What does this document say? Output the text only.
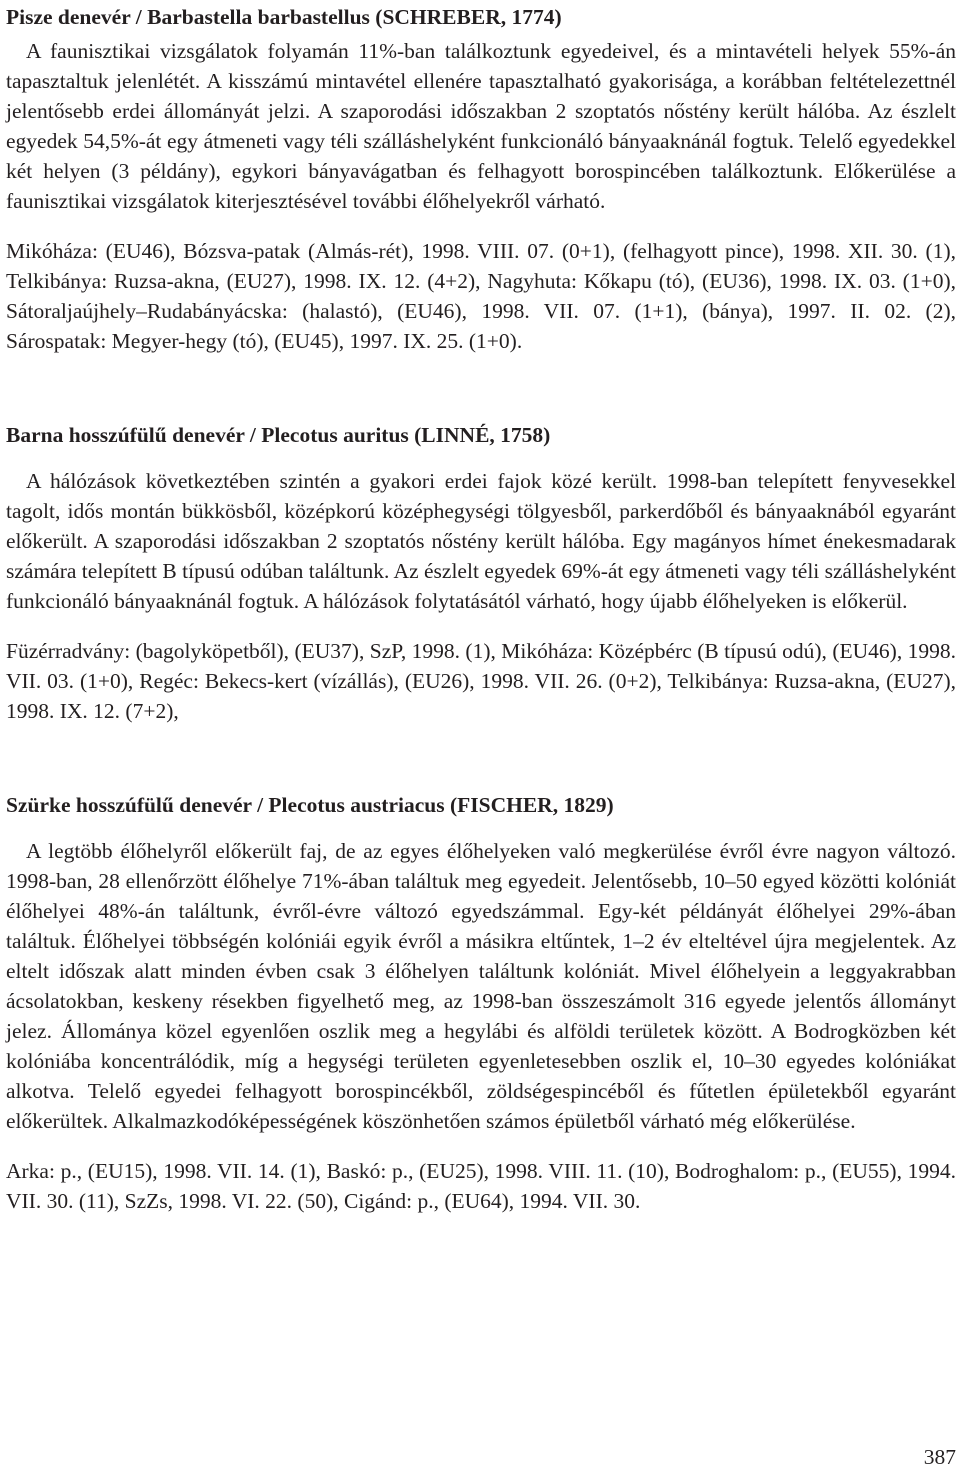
Pisze denevér / Barbastella barbastellus (SCHREBER, 1774)

A faunisztikai vizsgálatok folyamán 11%-ban találkoztunk egyedeivel, és a mintavételi helyek 55%-án tapasztaltuk jelenlétét. A kisszámú mintavétel ellenére tapasztalható gyakorisága, a korábban feltételezettnél jelentősebb erdei állományát jelzi. A szaporodási időszakban 2 szoptatós nőstény került hálóba. Az észlelt egyedek 54,5%-át egy átmeneti vagy téli szálláshelyként funkcionáló bányaaknánál fogtuk. Telelő egyedekkel két helyen (3 példány), egykori bányavágatban és felhagyott borospincében találkoztunk. Előkerülése a faunisztikai vizsgálatok kiterjesztésével további élőhelyekről várható.

Mikóháza: (EU46), Bózsva-patak (Almás-rét), 1998. VIII. 07. (0+1), (felhagyott pince), 1998. XII. 30. (1), Telkibánya: Ruzsa-akna, (EU27), 1998. IX. 12. (4+2), Nagyhuta: Kőkapu (tó), (EU36), 1998. IX. 03. (1+0), Sátoraljaújhely–Rudabányácska: (halastó), (EU46), 1998. VII. 07. (1+1), (bánya), 1997. II. 02. (2), Sárospatak: Megyer-hegy (tó), (EU45), 1997. IX. 25. (1+0).

Barna hosszúfülű denevér / Plecotus auritus (LINNÉ, 1758)

A hálózások következtében szintén a gyakori erdei fajok közé került. 1998-ban telepített fenyvesekkel tagolt, idős montán bükkösből, középkorú középhegységi tölgyesből, parkerdőből és bányaaknából egyaránt előkerült. A szaporodási időszakban 2 szoptatós nőstény került hálóba. Egy magányos hímet énekesmadarak számára telepített B típusú odúban találtunk. Az észlelt egyedek 69%-át egy átmeneti vagy téli szálláshelyként funkcionáló bányaaknánál fogtuk. A hálózások folytatásától várható, hogy újabb élőhelyeken is előkerül.

Füzérradvány: (bagolyköpetből), (EU37), SzP, 1998. (1), Mikóháza: Középbérc (B típusú odú), (EU46), 1998. VII. 03. (1+0), Regéc: Bekecs-kert (vízállás), (EU26), 1998. VII. 26. (0+2), Telkibánya: Ruzsa-akna, (EU27), 1998. IX. 12. (7+2),

Szürke hosszúfülű denevér / Plecotus austriacus (FISCHER, 1829)

A legtöbb élőhelyről előkerült faj, de az egyes élőhelyeken való megkerülése évről évre nagyon változó. 1998-ban, 28 ellenőrzött élőhelye 71%-ában találtuk meg egyedeit. Jelentősebb, 10–50 egyed közötti kolóniát élőhelyei 48%-án találtunk, évről-évre változó egyedszámmal. Egy-két példányát élőhelyei 29%-ában találtuk. Élőhelyei többségén kolóniái egyik évről a másikra eltűntek, 1–2 év elteltével újra megjelentek. Az eltelt időszak alatt minden évben csak 3 élőhelyen találtunk kolóniát. Mivel élőhelyein a leggyakrabban ácsolatokban, keskeny résekben figyelhető meg, az 1998-ban összeszámolt 316 egyede jelentős állományt jelez. Állománya közel egyenlően oszlik meg a hegylábi és alföldi területek között. A Bodrogközben két kolóniába koncentrálódik, míg a hegységi területen egyenletesebben oszlik el, 10–30 egyedes kolóniákat alkotva. Telelő egyedei felhagyott borospincékből, zöldségespincéből és fűtetlen épületekből egyaránt előkerültek. Alkalmazkodóképességének köszönhetően számos épületből várható még előkerülése.

Arka: p., (EU15), 1998. VII. 14. (1), Baskó: p., (EU25), 1998. VIII. 11. (10), Bodroghalom: p., (EU55), 1994. VII. 30. (11), SzZs, 1998. VI. 22. (50), Cigánd: p., (EU64), 1994. VII. 30.

387
